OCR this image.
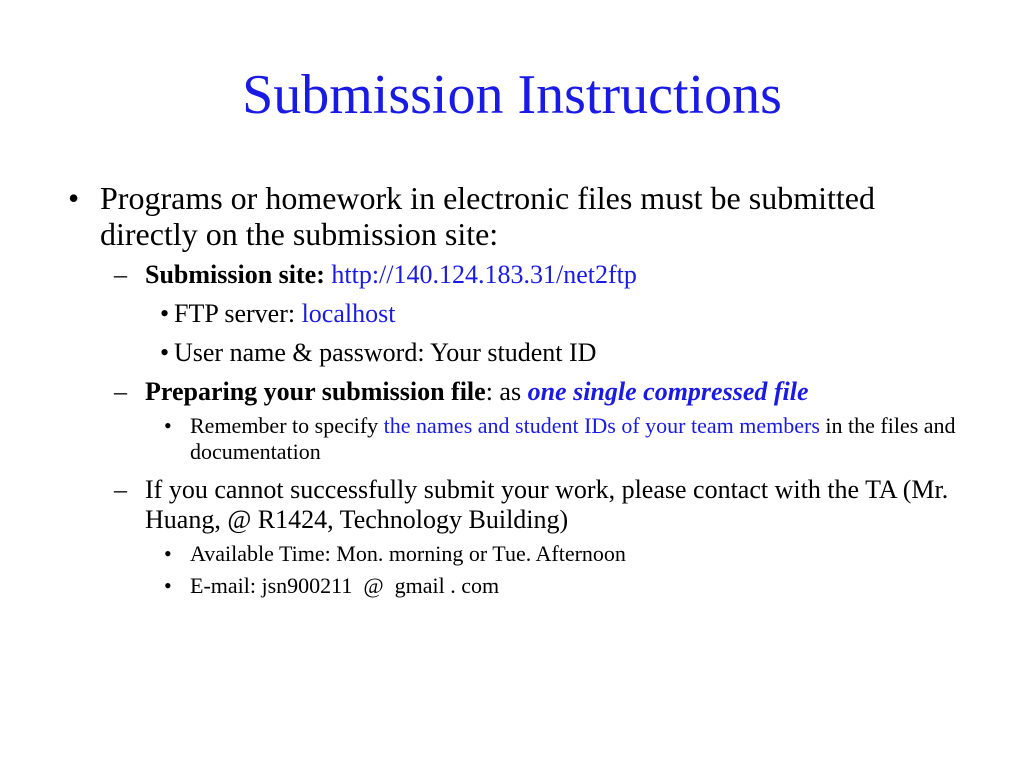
Submission Instructions
• Programs or homework in electronic files must be submitted directly on the submission site:
– Submission site: http://140.124.183.31/net2ftp
• FTP server: localhost
• User name & password: Your student ID
– Preparing your submission file: as one single compressed file
• Remember to specify the names and student IDs of your team members in the files and documentation
– If you cannot successfully submit your work, please contact with the TA (Mr. Huang, @ R1424, Technology Building)
• Available Time: Mon. morning or Tue. Afternoon
• E-mail: jsn900211  @  gmail . com
